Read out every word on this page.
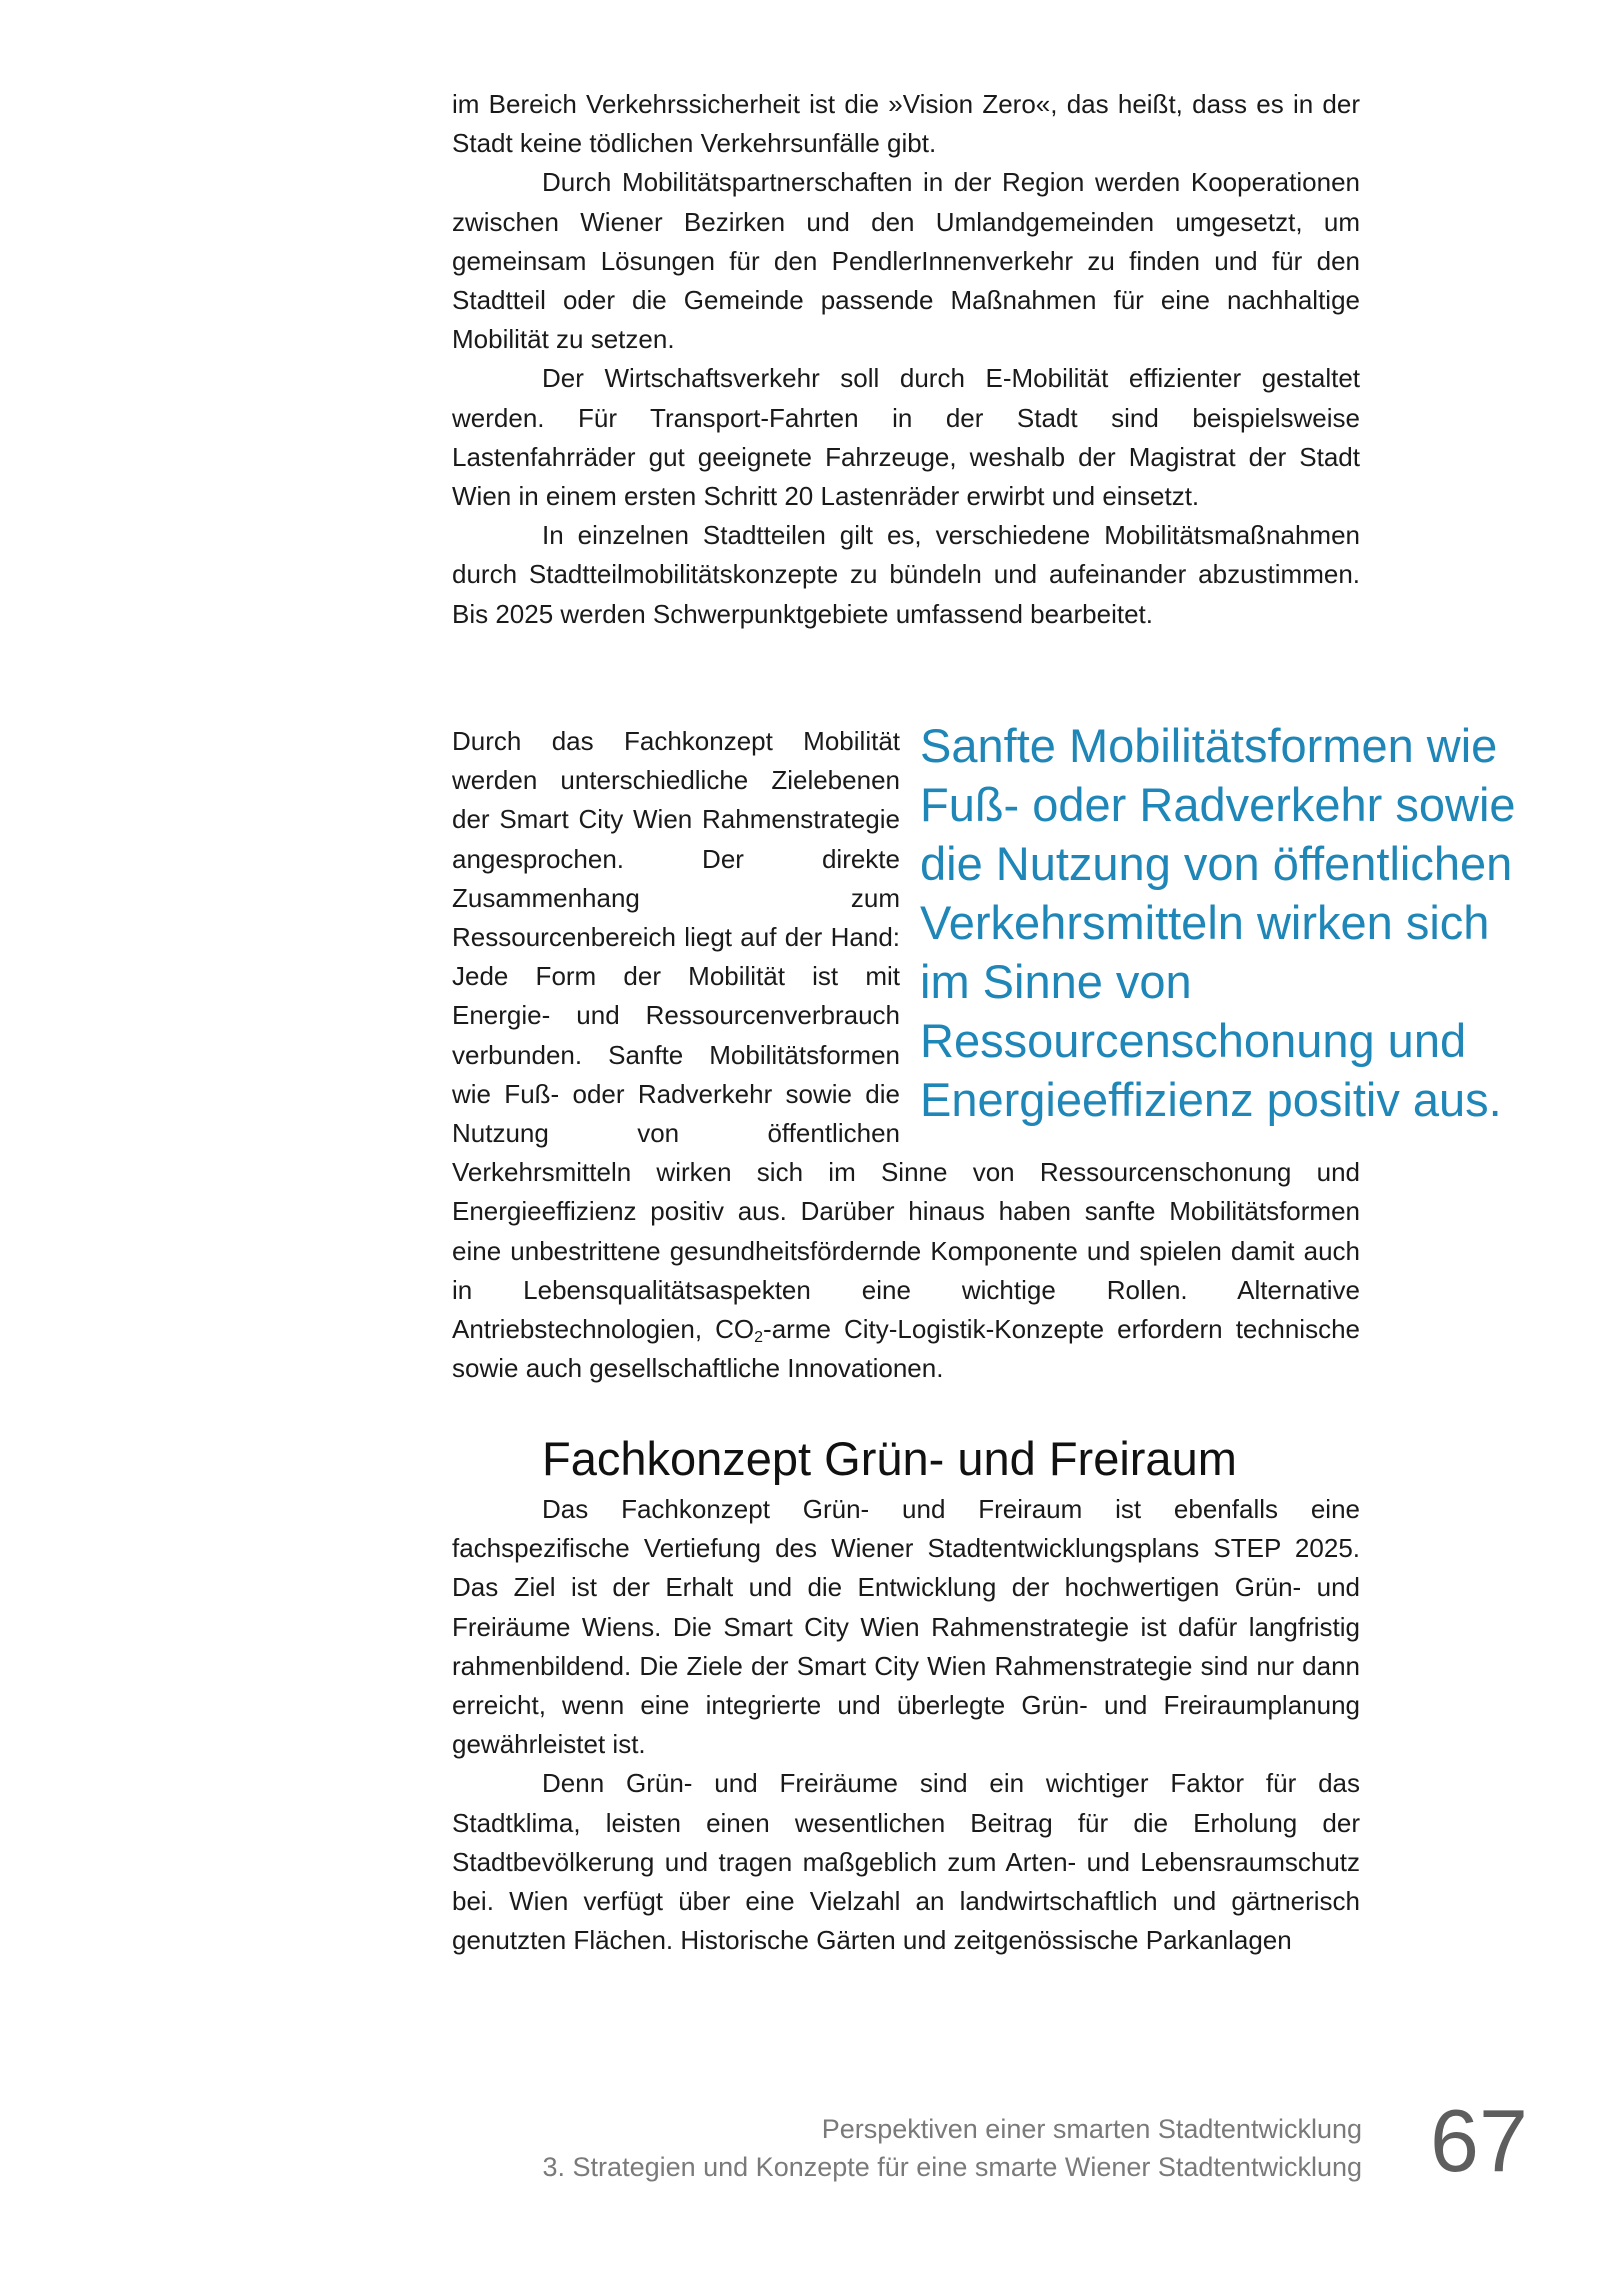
im Bereich Verkehrssicherheit ist die »Vision Zero«, das heißt, dass es in der Stadt keine tödlichen Verkehrsunfälle gibt.

Durch Mobilitätspartnerschaften in der Region werden Kooperationen zwischen Wiener Bezirken und den Umlandgemeinden umgesetzt, um gemeinsam Lösungen für den PendlerInnenverkehr zu finden und für den Stadtteil oder die Gemeinde passende Maßnahmen für eine nachhaltige Mobilität zu setzen.

Der Wirtschaftsverkehr soll durch E-Mobilität effizienter gestaltet werden. Für Transport-Fahrten in der Stadt sind beispielsweise Lastenfahrräder gut geeignete Fahrzeuge, weshalb der Magistrat der Stadt Wien in einem ersten Schritt 20 Lastenräder erwirbt und einsetzt.

In einzelnen Stadtteilen gilt es, verschiedene Mobilitätsmaßnahmen durch Stadtteilmobilitätskonzepte zu bündeln und aufeinander abzustimmen. Bis 2025 werden Schwerpunktgebiete umfassend bearbeitet.

Sanfte Mobilitätsformen wie Fuß- oder Radverkehr sowie die Nutzung von öffentlichen Verkehrsmitteln wirken sich im Sinne von Ressourcenschonung und Energieeffizienz positiv aus.

Durch das Fachkonzept Mobilität werden unterschiedliche Zielebenen der Smart City Wien Rahmenstrategie angesprochen. Der direkte Zusammenhang zum Ressourcenbereich liegt auf der Hand: Jede Form der Mobilität ist mit Energie- und Ressourcenverbrauch verbunden. Sanfte Mobilitätsformen wie Fuß- oder Radverkehr sowie die Nutzung von öffentlichen Verkehrsmitteln wirken sich im Sinne von Ressourcenschonung und Energieeffizienz positiv aus. Darüber hinaus haben sanfte Mobilitätsformen eine unbestrittene gesundheitsfördernde Komponente und spielen damit auch in Lebensqualitätsaspekten eine wichtige Rollen. Alternative Antriebstechnologien, $CO_2$-arme City-Logistik-Konzepte erfordern technische sowie auch gesellschaftliche Innovationen.

Fachkonzept Grün- und Freiraum

Das Fachkonzept Grün- und Freiraum ist ebenfalls eine fachspezifische Vertiefung des Wiener Stadtentwicklungsplans STEP 2025. Das Ziel ist der Erhalt und die Entwicklung der hochwertigen Grün- und Freiräume Wiens. Die Smart City Wien Rahmenstrategie ist dafür langfristig rahmenbildend. Die Ziele der Smart City Wien Rahmenstrategie sind nur dann erreicht, wenn eine integrierte und überlegte Grün- und Freiraumplanung gewährleistet ist.

Denn Grün- und Freiräume sind ein wichtiger Faktor für das Stadtklima, leisten einen wesentlichen Beitrag für die Erholung der Stadtbevölkerung und tragen maßgeblich zum Arten- und Lebensraumschutz bei. Wien verfügt über eine Vielzahl an landwirtschaftlich und gärtnerisch genutzten Flächen. Historische Gärten und zeitgenössische Parkanlagen

Perspektiven einer smarten Stadtentwicklung
3. Strategien und Konzepte für eine smarte Wiener Stadtentwicklung 67
